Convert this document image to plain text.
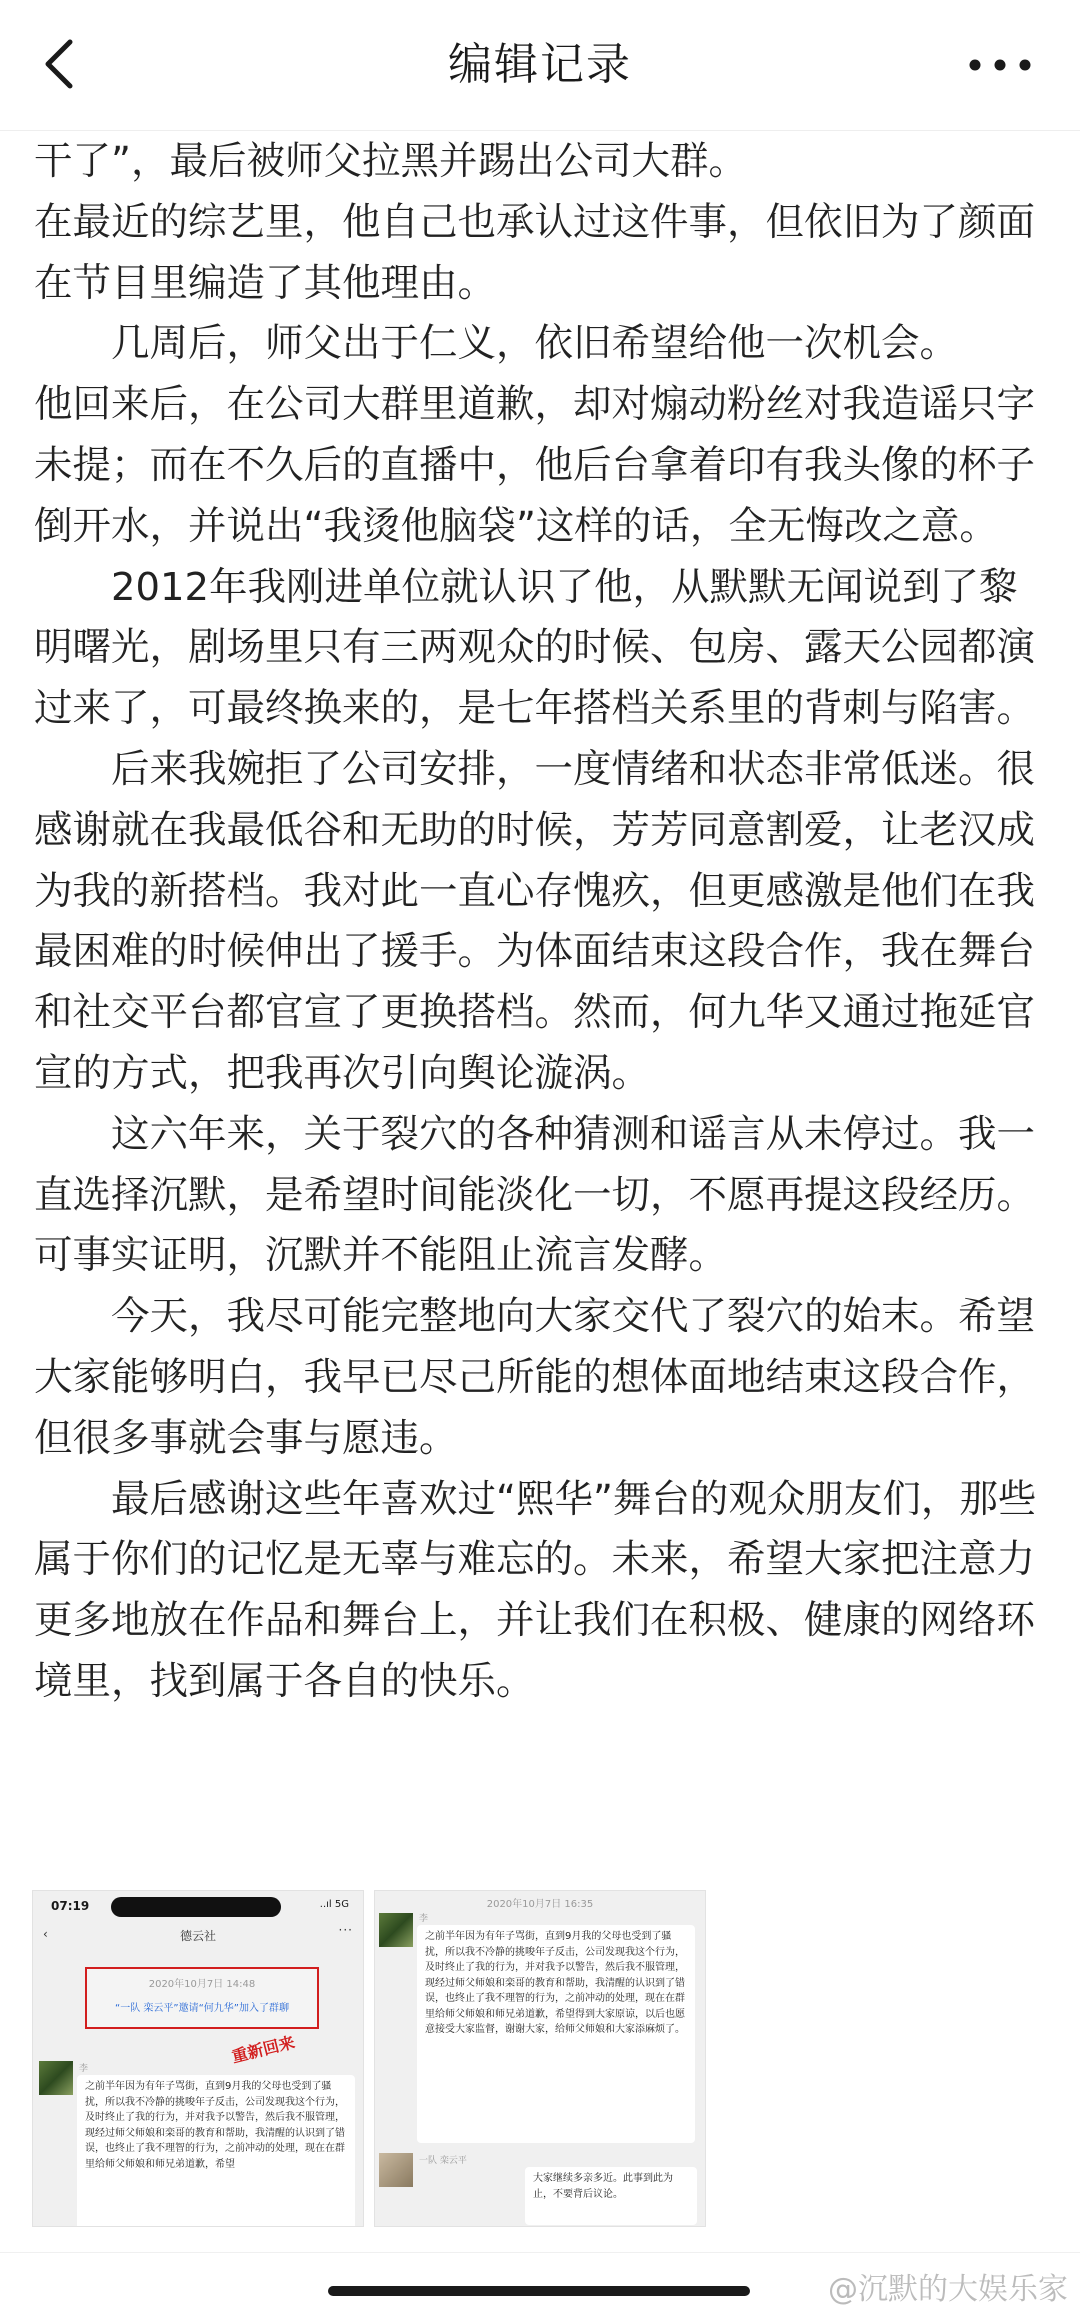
编辑记录

干了”，最后被师父拉黑并踢出公司大群。

在最近的综艺里，他自己也承认过这件事，但依旧为了颜面在节目里编造了其他理由。

几周后，师父出于仁义，依旧希望给他一次机会。

他回来后，在公司大群里道歉，却对煽动粉丝对我造谣只字未提；而在不久后的直播中，他后台拿着印有我头像的杯子倒开水，并说出“我烫他脑袋”这样的话，全无悔改之意。

2012年我刚进单位就认识了他，从默默无闻说到了黎明曙光，剧场里只有三两观众的时候、包房、露天公园都演过来了，可最终换来的，是七年搭档关系里的背刺与陷害。

后来我婉拒了公司安排，一度情绪和状态非常低迷。很感谢就在我最低谷和无助的时候，芳芳同意割爱，让老汉成为我的新搭档。我对此一直心存愧疚，但更感激是他们在我最困难的时候伸出了援手。为体面结束这段合作，我在舞台和社交平台都官宣了更换搭档。然而，何九华又通过拖延官宣的方式，把我再次引向舆论漩涡。

这六年来，关于裂穴的各种猜测和谣言从未停过。我一直选择沉默，是希望时间能淡化一切，不愿再提这段经历。可事实证明，沉默并不能阻止流言发酵。

今天，我尽可能完整地向大家交代了裂穴的始末。希望大家能够明白，我早已尽己所能的想体面地结束这段合作，但很多事就会事与愿违。

最后感谢这些年喜欢过“熙华”舞台的观众朋友们，那些属于你们的记忆是无辜与难忘的。未来，希望大家把注意力更多地放在作品和舞台上，并让我们在积极、健康的网络环境里，找到属于各自的快乐。

07:19	..ıl 5G
‹	德云社	···
2020年10月7日 14:48
“一队 栾云平”邀请“何九华”加入了群聊
重新回来
李
之前半年因为有年子骂街，直到9月我的父母也受到了骚扰，所以我不冷静的挑唆年子反击，公司发现我这个行为，及时终止了我的行为，并对我予以警告，然后我不服管理，现经过师父师娘和栾哥的教育和帮助，我清醒的认识到了错误，也终止了我不理智的行为，之前冲动的处理，现在在群里给师父师娘和师兄弟道歉，希望
2020年10月7日 16:35
李
之前半年因为有年子骂街，直到9月我的父母也受到了骚扰，所以我不冷静的挑唆年子反击，公司发现我这个行为，及时终止了我的行为，并对我予以警告，然后我不服管理，现经过师父师娘和栾哥的教育和帮助，我清醒的认识到了错误，也终止了我不理智的行为，之前冲动的处理，现在在群里给师父师娘和师兄弟道歉，希望得到大家原谅，以后也愿意接受大家监督，谢谢大家，给师父师娘和大家添麻烦了。
一队 栾云平
大家继续多亲多近。此事到此为止，不要背后议论。
@沉默的大娱乐家
